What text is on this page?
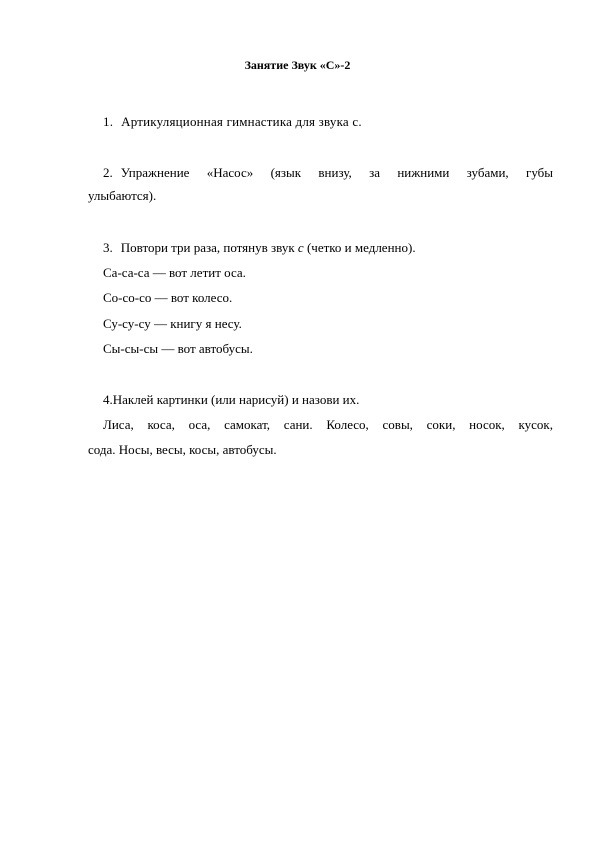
Занятие Звук «С»-2
1. Артикуляционная гимнастика для звука с.
2. Упражнение «Насос» (язык внизу, за нижними зубами, губы
улыбаются).
3. Повтори три раза, потянув звук с (четко и медленно).
Са-са-са — вот летит оса.
Со-со-со — вот колесо.
Су-су-су — книгу я несу.
Сы-сы-сы — вот автобусы.
4.Наклей картинки (или нарисуй) и назови их.
Лиса, коса, оса, самокат, сани. Колесо, совы, соки, носок, кусок,
сода. Носы, весы, косы, автобусы.
